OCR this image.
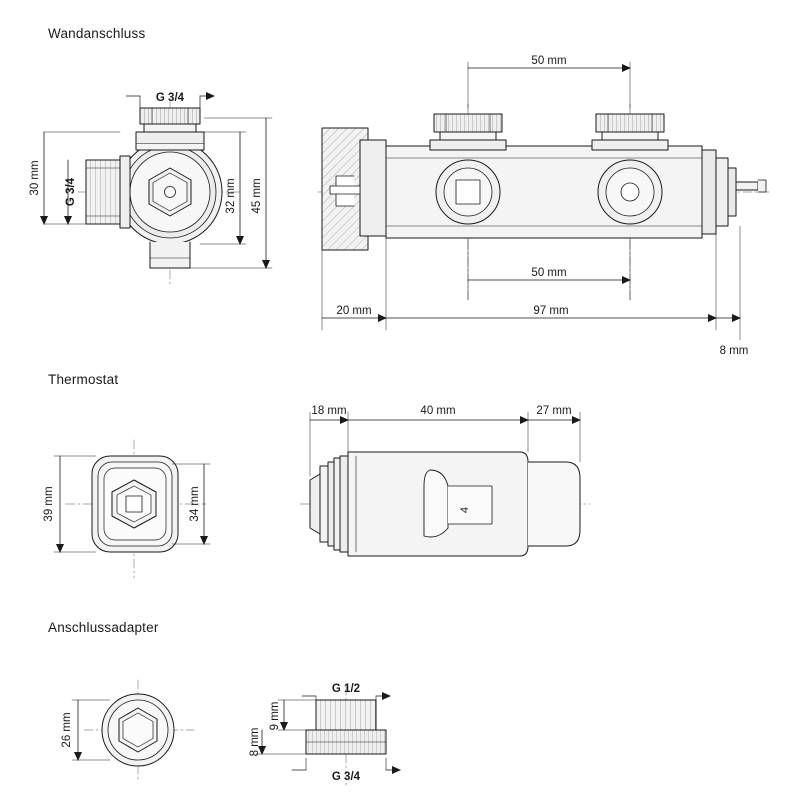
Wandanschluss
Thermostat
Anschlussadapter
G 3/4
G 3/4
30 mm
32 mm 45 mm
50 mm
50 mm
20 mm	97 mm
8 mm
39 mm	34 mm	4
18 mm	40 mm	27 mm
26 mm
G 1/2
G 3/4
9 mm
8 mm
